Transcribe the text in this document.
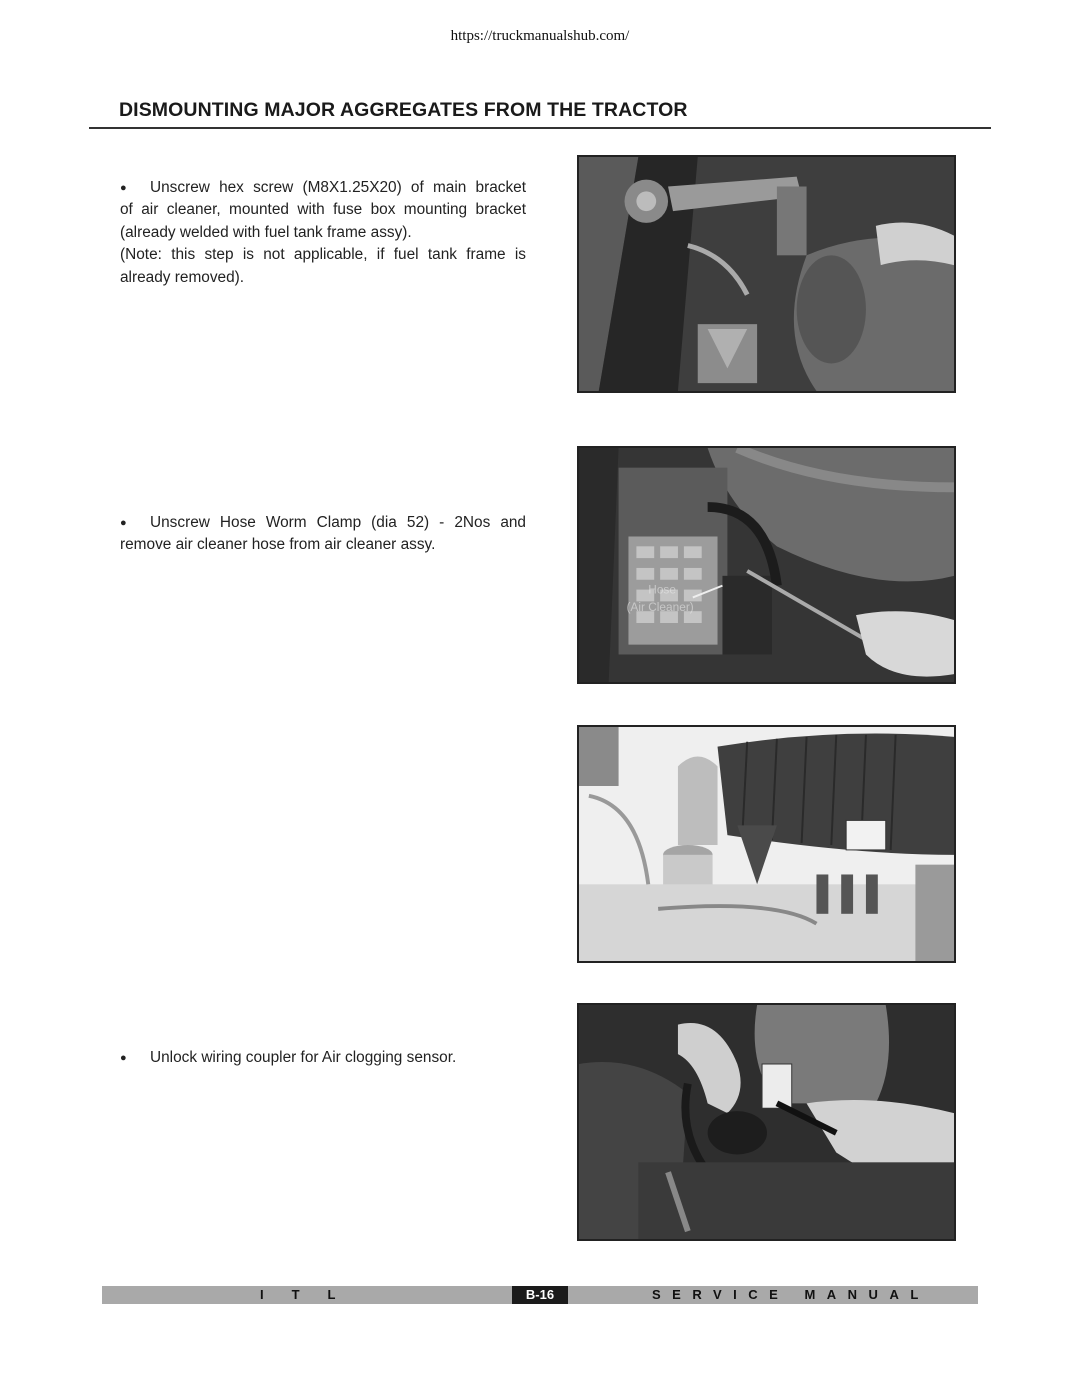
https://truckmanualshub.com/
DISMOUNTING MAJOR AGGREGATES FROM THE TRACTOR
● Unscrew hex screw (M8X1.25X20) of main bracket
of air cleaner, mounted with fuse box mounting bracket
(already welded with fuel tank frame assy).
(Note: this step is not applicable, if fuel tank frame is
already removed).
● Unscrew Hose Worm Clamp (dia 52) - 2Nos and
remove air cleaner hose from air cleaner assy.
● Unlock wiring coupler for Air clogging sensor.
Hose
(Air Cleaner)
ITL	B-16	SERVICE MANUAL
